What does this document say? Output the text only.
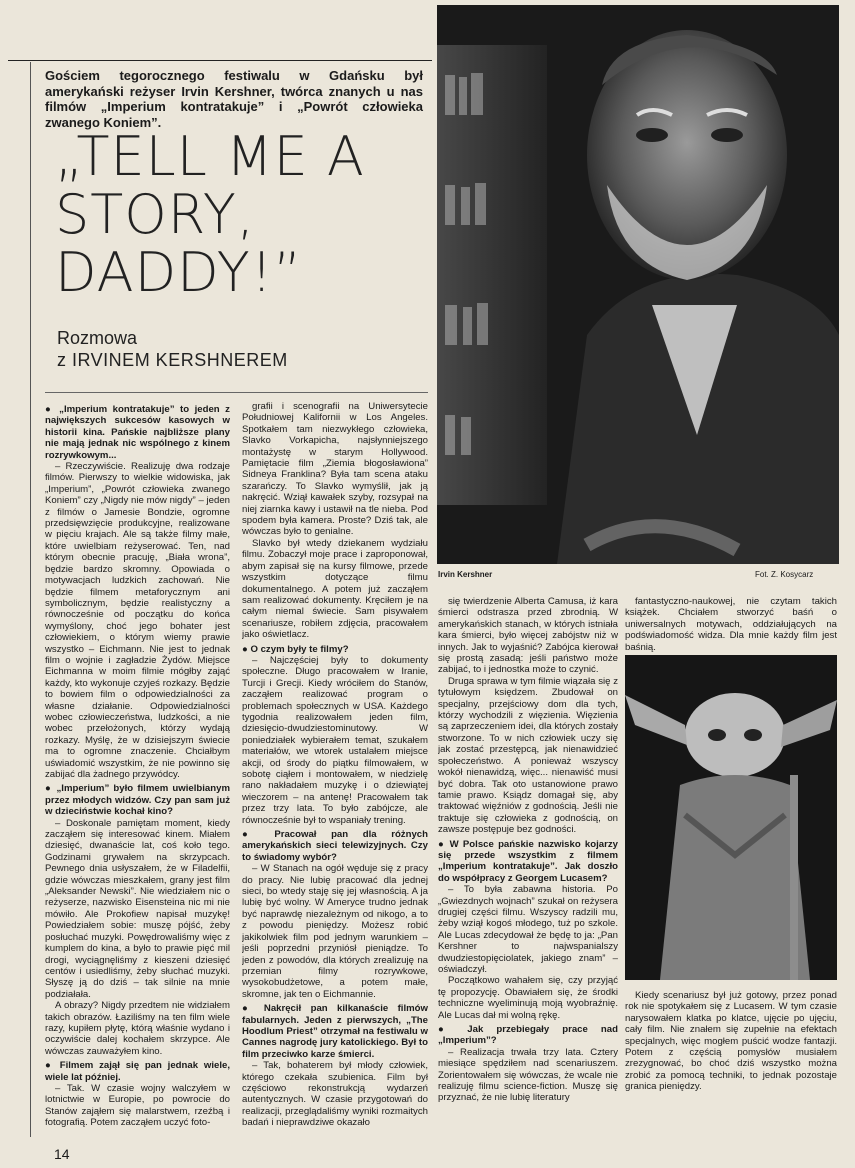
Gościem tegorocznego festiwalu w Gdańsku był amerykański reżyser Irvin Kershner, twórca znanych u nas filmów „Imperium kontratakuje” i „Powrót człowieka zwanego Koniem”.
„TELL ME A STORY, DADDY!”
Rozmowa
z IRVINEM KERSHNEREM
Irvin Kershner	Fot. Z. Kosycarz

● „Imperium kontratakuje” to jeden z największych sukcesów kasowych w historii kina. Pańskie najbliższe plany nie mają jednak nic wspólnego z kinem rozrywkowym...

– Rzeczywiście. Realizuję dwa rodzaje filmów. Pierwszy to wielkie widowiska, jak „Imperium”, „Powrót człowieka zwanego Koniem” czy „Nigdy nie mów nigdy” – jeden z filmów o Jamesie Bondzie, ogromne przedsięwzięcie produkcyjne, realizowane w pięciu krajach. Ale są także filmy małe, które uwielbiam reżyserować. Ten, nad którym obecnie pracuję, „Biała wrona”, będzie bardzo skromny. Opowiada o motywacjach ludzkich zachowań. Nie będzie filmem metaforycznym ani symbolicznym, będzie realistyczny a równocześnie od początku do końca wymyślony, choć jego bohater jest człowiekiem, o którym wiemy prawie wszystko – Eichmann. Nie jest to jednak film o wojnie i zagładzie Żydów. Miejsce Eichmanna w moim filmie mógłby zająć każdy, kto wykonuje czyjeś rozkazy. Będzie to bowiem film o odpowiedzialności za własne działanie. Odpowiedzialności wobec człowieczeństwa, ludzkości, a nie wobec przełożonych, którzy wydają rozkazy. Myślę, że w dzisiejszym świecie ma to ogromne znaczenie. Chciałbym uświadomić wszystkim, że nie powinno się zabijać dla żadnego przywódcy.

● „Imperium” było filmem uwielbianym przez młodych widzów. Czy pan sam już w dzieciństwie kochał kino?

– Doskonale pamiętam moment, kiedy zacząłem się interesować kinem. Miałem dziesięć, dwanaście lat, coś koło tego. Godzinami grywałem na skrzypcach. Pewnego dnia usłyszałem, że w Filadelfii, gdzie wówczas mieszkałem, grany jest film „Aleksander Newski”. Nie wiedziałem nic o reżyserze, nazwisko Eisensteina nic mi nie mówiło. Ale Prokofiew napisał muzykę! Powiedziałem sobie: muszę pójść, żeby posłuchać muzyki. Powędrowaliśmy więc z kumplem do kina, a było to prawie pięć mil drogi, wyciągnęliśmy z kieszeni dziesięć centów i usiedliśmy, żeby słuchać muzyki. Słyszę ją do dziś – tak silnie na mnie podziałała.

A obrazy? Nigdy przedtem nie widziałem takich obrazów. Łaziliśmy na ten film wiele razy, kupiłem płytę, którą właśnie wydano i oczywiście dalej kochałem skrzypce. Ale wówczas zauważyłem kino.

● Filmem zajął się pan jednak wiele, wiele lat później.

– Tak. W czasie wojny walczyłem w lotnictwie w Europie, po powrocie do Stanów zająłem się malarstwem, rzeźbą i fotografią. Potem zacząłem uczyć foto-

grafii i scenografii na Uniwersytecie Południowej Kalifornii w Los Angeles. Spotkałem tam niezwykłego człowieka, Slavko Vorkapicha, najsłynniejszego montażystę w starym Hollywood. Pamiętacie film „Ziemia błogosławiona” Sidneya Franklina? Była tam scena ataku szarańczy. To Slavko wymyślił, jak ją nakręcić. Wziął kawałek szyby, rozsypał na niej ziarnka kawy i ustawił na tle nieba. Pod spodem była kamera. Proste? Dziś tak, ale wówczas było to genialne.

Slavko był wtedy dziekanem wydziału filmu. Zobaczył moje prace i zaproponował, abym zapisał się na kursy filmowe, przede wszystkim dotyczące filmu dokumentalnego. A potem już zacząłem sam realizować dokumenty. Kręciłem je na całym niemal świecie. Sam pisywałem scenariusze, robiłem zdjęcia, pracowałem jako oświetlacz.

● O czym były te filmy?

– Najczęściej były to dokumenty społeczne. Długo pracowałem w Iranie, Turcji i Grecji. Kiedy wróciłem do Stanów, zacząłem realizować program o problemach społecznych w USA. Każdego tygodnia realizowałem jeden film, dziesięcio-dwudziestominutowy. W poniedziałek wybierałem temat, szukałem materiałów, we wtorek ustalałem miejsce akcji, od środy do piątku filmowałem, w sobotę ciąłem i montowałem, w niedzielę rano nakładałem muzykę i o dziewiątej wieczorem – na antenę! Pracowałem tak przez trzy lata. To było zabójcze, ale równocześnie był to wspaniały trening.

● Pracował pan dla różnych amerykańskich sieci telewizyjnych. Czy to świadomy wybór?

– W Stanach na ogół węduje się z pracy do pracy. Nie lubię pracować dla jednej sieci, bo wtedy staję się jej własnością. A ja lubię być wolny. W Ameryce trudno jednak być naprawdę niezależnym od nikogo, a to z powodu pieniędzy. Możesz robić jakikolwiek film pod jednym warunkiem – jeśli poprzedni przyniósł pieniądze. To jeden z powodów, dla których zrealizuję na przemian filmy rozrywkowe, wysokobudżetowe, a potem małe, skromne, jak ten o Eichmannie.

● Nakręcił pan kilkanaście filmów fabularnych. Jeden z pierwszych, „The Hoodlum Priest” otrzymał na festiwalu w Cannes nagrodę jury katolickiego. Był to film przeciwko karze śmierci.

– Tak, bohaterem był młody człowiek, którego czekała szubienica. Film był częściowo rekonstrukcją wydarzeń autentycznych. W czasie przygotowań do realizacji, przeglądaliśmy wyniki rozmaitych badań i nieprawdziwe okazało

się twierdzenie Alberta Camusa, iż kara śmierci odstrasza przed zbrodnią. W amerykańskich stanach, w których istniała kara śmierci, było więcej zabójstw niż w innych. Jak to wyjaśnić? Zabójca kierował się prostą zasadą: jeśli państwo może zabijać, to i jednostka może to czynić.

Druga sprawa w tym filmie wiązała się z tytułowym księdzem. Zbudował on specjalny, przejściowy dom dla tych, którzy wychodzili z więzienia. Więzienia są zaprzeczeniem idei, dla których zostały stworzone. To w nich człowiek uczy się jak zostać przestępcą, jak nienawidzieć społeczeństwo. A ponieważ wszyscy wokół nienawidzą, więc... nienawiść musi być dobra. Tak oto ustanowione prawo tamie prawo. Ksiądz domagał się, aby traktować więźniów z godnością. Jeśli nie traktuje się człowieka z godnością, on zawsze postępuje bez godności.

● W Polsce pańskie nazwisko kojarzy się przede wszystkim z filmem „Imperium kontratakuje”. Jak doszło do współpracy z Georgem Lucasem?

– To była zabawna historia. Po „Gwiezdnych wojnach” szukał on reżysera drugiej części filmu. Wszyscy radzili mu, żeby wziął kogoś młodego, tuż po szkole. Ale Lucas zdecydował że będę to ja: „Pan Kershner to najwspanialszy dwudziestopięciolatek, jakiego znam” – oświadczył.

Początkowo wahałem się, czy przyjąć tę propozycję. Obawiałem się, że środki techniczne wyeliminują moją wyobraźnię. Ale Lucas dał mi wolną rękę.

● Jak przebiegały prace nad „Imperium”?

– Realizacja trwała trzy lata. Cztery miesiące spędziłem nad scenariuszem. Zorientowałem się wówczas, że wcale nie realizuję filmu science-fiction. Muszę się przyznać, że nie lubię literatury

fantastyczno-naukowej, nie czytam takich książek. Chciałem stworzyć baśń o uniwersalnych motywach, oddziałujących na podświadomość widza. Dla mnie każdy film jest baśnią.

Kiedy scenariusz był już gotowy, przez ponad rok nie spotykałem się z Lucasem. W tym czasie narysowałem klatka po klatce, ujęcie po ujęciu, cały film. Nie znałem się zupełnie na efektach specjalnych, więc mogłem puścić wodze fantazji. Potem z częścią pomysłów musiałem zrezygnować, bo choć dziś wszystko można zrobić za pomocą techniki, to jednak pozostaje granica pieniędzy.

14
